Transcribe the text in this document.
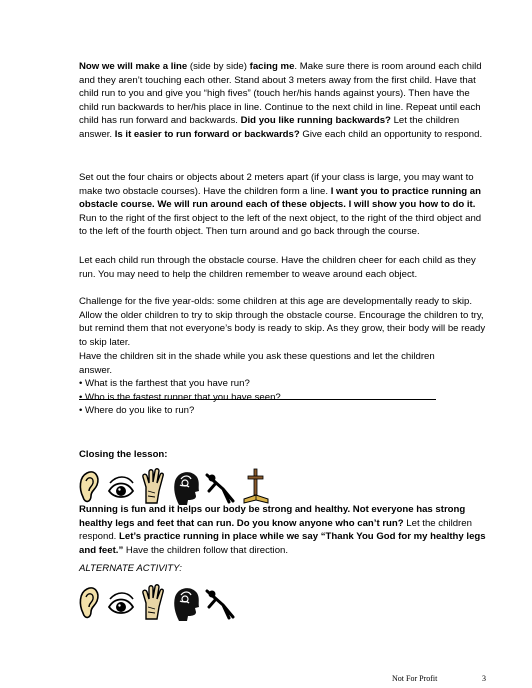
Now we will make a line (side by side) facing me. Make sure there is room around each child and they aren’t touching each other. Stand about 3 meters away from the first child. Have that child run to you and give you “high fives” (touch her/his hands against yours). Then have the child run backwards to her/his place in line. Continue to the next child in line. Repeat until each child has run forward and backwards. Did you like running backwards? Let the children answer. Is it easier to run forward or backwards? Give each child an opportunity to respond.

Set out the four chairs or objects about 2 meters apart (if your class is large, you may want to make two obstacle courses). Have the children form a line. I want you to practice running an obstacle course. We will run around each of these objects. I will show you how to do it. Run to the right of the first object to the left of the next object, to the right of the third object and to the left of the fourth object. Then turn around and go back through the course.

Let each child run through the obstacle course. Have the children cheer for each child as they run. You may need to help the children remember to weave around each object.

Challenge for the five year-olds: some children at this age are developmentally ready to skip. Allow the older children to try to skip through the obstacle course. Encourage the children to try, but remind them that not everyone’s body is ready to skip. As they grow, their body will be ready to skip later.

Have the children sit in the shade while you ask these questions and let the children answer.
• What is the farthest that you have run?
• Who is the fastest runner that you have seen?
• Where do you like to run?

Closing the lesson:

Running is fun and it helps our body be strong and healthy. Not everyone has strong healthy legs and feet that can run. Do you know anyone who can’t run? Let the children respond. Let’s practice running in place while we say “Thank You God for my healthy legs and feet.” Have the children follow that direction.

ALTERNATE ACTIVITY:

Not For Profit	3
